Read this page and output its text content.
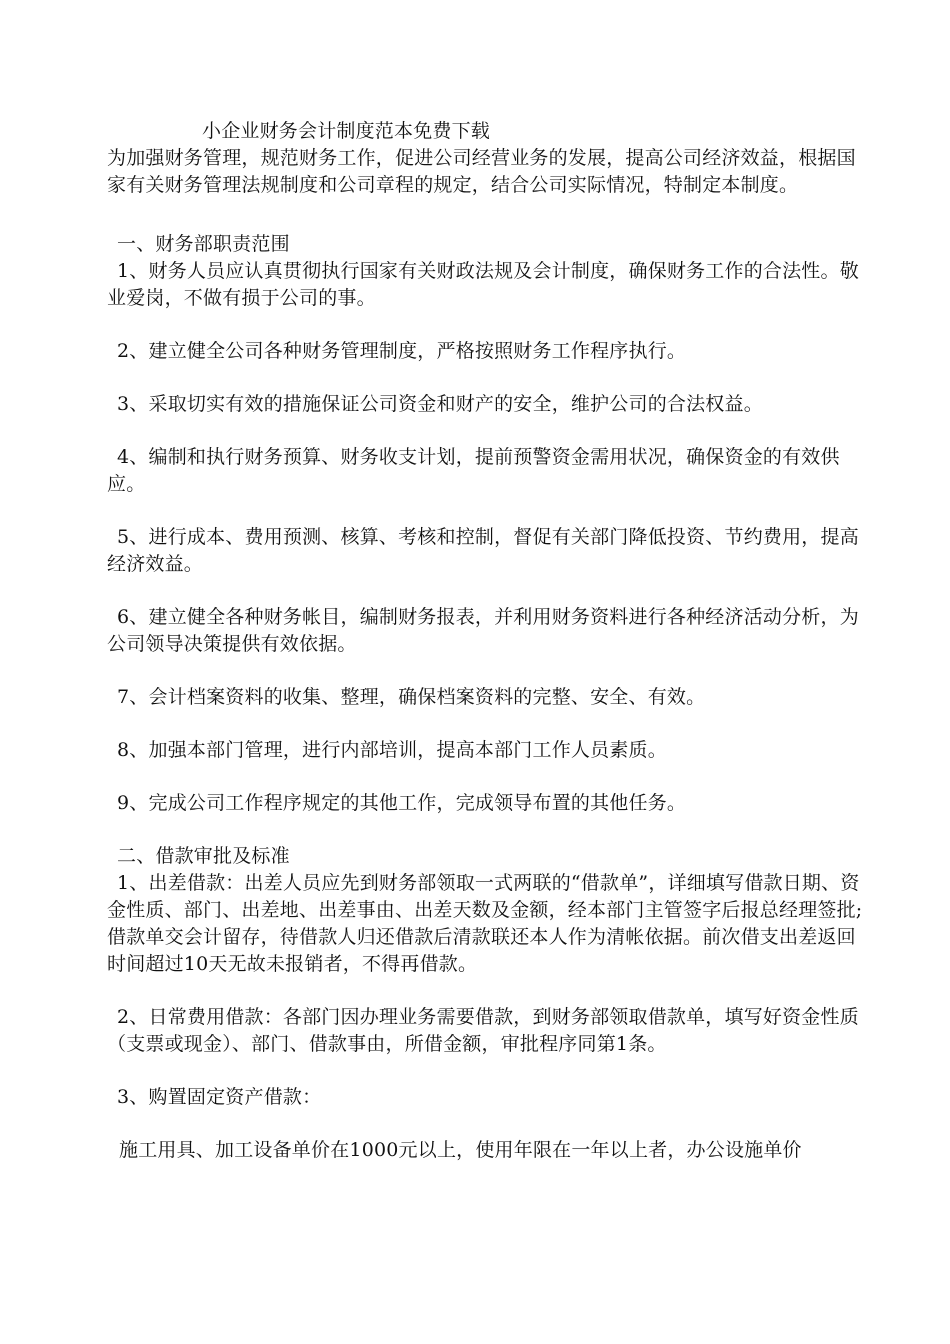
小企业财务会计制度范本免费下载

为加强财务管理，规范财务工作，促进公司经营业务的发展，提高公司经济效益，根据国家有关财务管理法规制度和公司章程的规定，结合公司实际情况，特制定本制度。

一、财务部职责范围

1、财务人员应认真贯彻执行国家有关财政法规及会计制度，确保财务工作的合法性。敬业爱岗，不做有损于公司的事。

2、建立健全公司各种财务管理制度，严格按照财务工作程序执行。

3、采取切实有效的措施保证公司资金和财产的安全，维护公司的合法权益。

4、编制和执行财务预算、财务收支计划，提前预警资金需用状况，确保资金的有效供应。

5、进行成本、费用预测、核算、考核和控制，督促有关部门降低投资、节约费用，提高经济效益。

6、建立健全各种财务帐目，编制财务报表，并利用财务资料进行各种经济活动分析，为公司领导决策提供有效依据。

7、会计档案资料的收集、整理，确保档案资料的完整、安全、有效。

8、加强本部门管理，进行内部培训，提高本部门工作人员素质。

9、完成公司工作程序规定的其他工作，完成领导布置的其他任务。

二、借款审批及标准

1、出差借款：出差人员应先到财务部领取一式两联的“借款单”，详细填写借款日期、资金性质、部门、出差地、出差事由、出差天数及金额，经本部门主管签字后报总经理签批;借款单交会计留存，待借款人归还借款后清款联还本人作为清帐依据。前次借支出差返回时间超过10天无故未报销者，不得再借款。

2、日常费用借款：各部门因办理业务需要借款，到财务部领取借款单，填写好资金性质（支票或现金）、部门、借款事由，所借金额，审批程序同第1条。

3、购置固定资产借款：

施工用具、加工设备单价在1000元以上，使用年限在一年以上者，办公设施单价
